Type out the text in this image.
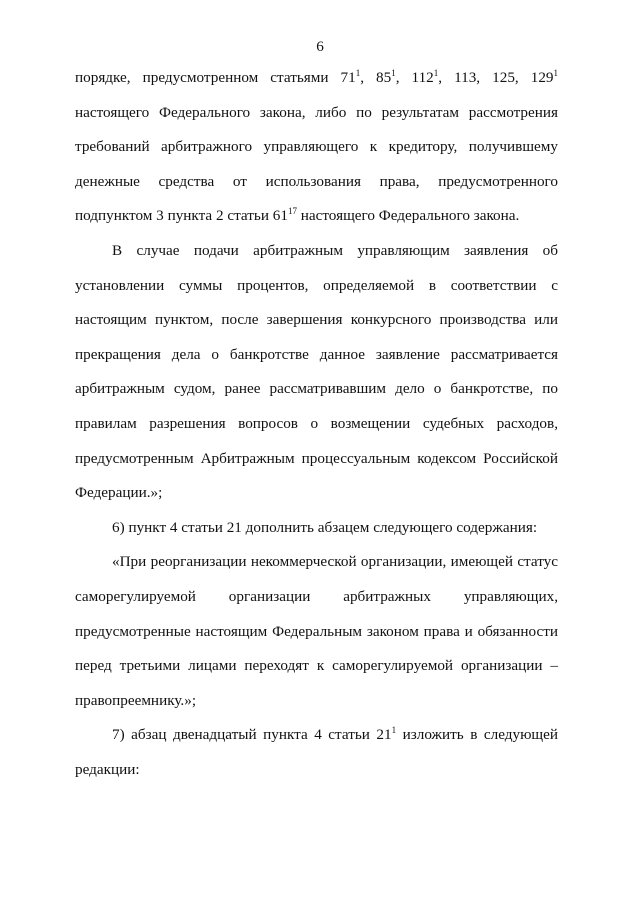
6

порядке, предусмотренном статьями $71^1$, $85^1$, $112^1$, 113, 125, $129^1$ настоящего Федерального закона, либо по результатам рассмотрения требований арбитражного управляющего к кредитору, получившему денежные средства от использования права, предусмотренного подпунктом 3 пункта 2 статьи $61^{17}$ настоящего Федерального закона.

В случае подачи арбитражным управляющим заявления об установлении суммы процентов, определяемой в соответствии с настоящим пунктом, после завершения конкурсного производства или прекращения дела о банкротстве данное заявление рассматривается арбитражным судом, ранее рассматривавшим дело о банкротстве, по правилам разрешения вопросов о возмещении судебных расходов, предусмотренным Арбитражным процессуальным кодексом Российской Федерации.»;

6) пункт 4 статьи 21 дополнить абзацем следующего содержания:

«При реорганизации некоммерческой организации, имеющей статус саморегулируемой организации арбитражных управляющих, предусмотренные настоящим Федеральным законом права и обязанности перед третьими лицами переходят к саморегулируемой организации – правопреемнику.»;

7) абзац двенадцатый пункта 4 статьи $21^1$ изложить в следующей редакции:
